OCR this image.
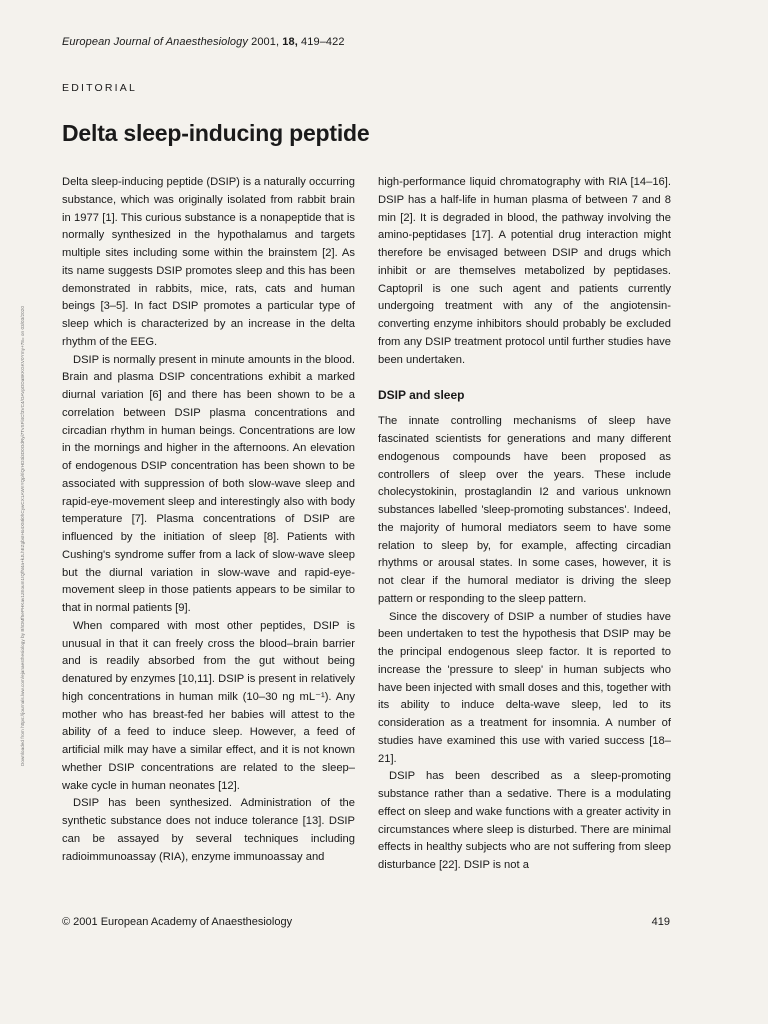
European Journal of Anaesthesiology 2001, 18, 419–422
EDITORIAL
Delta sleep-inducing peptide
Downloaded from https://journals.lww.com/ejanaesthesiology by BhDMf5ePHKav1zEoum1tQfN4a+kJLhEZgbsIHo4XMi0hCywCX1AWnYQp/IlQrHD3i3D0OdRyi7TvSFl4Cf3VC4/OAVpDDa8KKGKV0Ymy+78= on 03/03/2020

Delta sleep-inducing peptide (DSIP) is a naturally occurring substance, which was originally isolated from rabbit brain in 1977 [1]. This curious substance is a nonapeptide that is normally synthesized in the hypothalamus and targets multiple sites including some within the brainstem [2]. As its name suggests DSIP promotes sleep and this has been demonstrated in rabbits, mice, rats, cats and human beings [3–5]. In fact DSIP promotes a particular type of sleep which is characterized by an increase in the delta rhythm of the EEG.

DSIP is normally present in minute amounts in the blood. Brain and plasma DSIP concentrations exhibit a marked diurnal variation [6] and there has been shown to be a correlation between DSIP plasma concentrations and circadian rhythm in human beings. Concentrations are low in the mornings and higher in the afternoons. An elevation of endogenous DSIP concentration has been shown to be associated with suppression of both slow-wave sleep and rapid-eye-movement sleep and interestingly also with body temperature [7]. Plasma concentrations of DSIP are influenced by the initiation of sleep [8]. Patients with Cushing's syndrome suffer from a lack of slow-wave sleep but the diurnal variation in slow-wave and rapid-eye-movement sleep in those patients appears to be similar to that in normal patients [9].

When compared with most other peptides, DSIP is unusual in that it can freely cross the blood–brain barrier and is readily absorbed from the gut without being denatured by enzymes [10,11]. DSIP is present in relatively high concentrations in human milk (10–30 ng mL⁻¹). Any mother who has breast-fed her babies will attest to the ability of a feed to induce sleep. However, a feed of artificial milk may have a similar effect, and it is not known whether DSIP concentrations are related to the sleep–wake cycle in human neonates [12].

DSIP has been synthesized. Administration of the synthetic substance does not induce tolerance [13]. DSIP can be assayed by several techniques including radioimmunoassay (RIA), enzyme immunoassay and

high-performance liquid chromatography with RIA [14–16]. DSIP has a half-life in human plasma of between 7 and 8 min [2]. It is degraded in blood, the pathway involving the amino-peptidases [17]. A potential drug interaction might therefore be envisaged between DSIP and drugs which inhibit or are themselves metabolized by peptidases. Captopril is one such agent and patients currently undergoing treatment with any of the angiotensin-converting enzyme inhibitors should probably be excluded from any DSIP treatment protocol until further studies have been undertaken.

DSIP and sleep

The innate controlling mechanisms of sleep have fascinated scientists for generations and many different endogenous compounds have been proposed as controllers of sleep over the years. These include cholecystokinin, prostaglandin I2 and various unknown substances labelled 'sleep-promoting substances'. Indeed, the majority of humoral mediators seem to have some relation to sleep by, for example, affecting circadian rhythms or arousal states. In some cases, however, it is not clear if the humoral mediator is driving the sleep pattern or responding to the sleep pattern.

Since the discovery of DSIP a number of studies have been undertaken to test the hypothesis that DSIP may be the principal endogenous sleep factor. It is reported to increase the 'pressure to sleep' in human subjects who have been injected with small doses and this, together with its ability to induce delta-wave sleep, led to its consideration as a treatment for insomnia. A number of studies have examined this use with varied success [18–21].

DSIP has been described as a sleep-promoting substance rather than a sedative. There is a modulating effect on sleep and wake functions with a greater activity in circumstances where sleep is disturbed. There are minimal effects in healthy subjects who are not suffering from sleep disturbance [22]. DSIP is not a

© 2001 European Academy of Anaesthesiology	419
